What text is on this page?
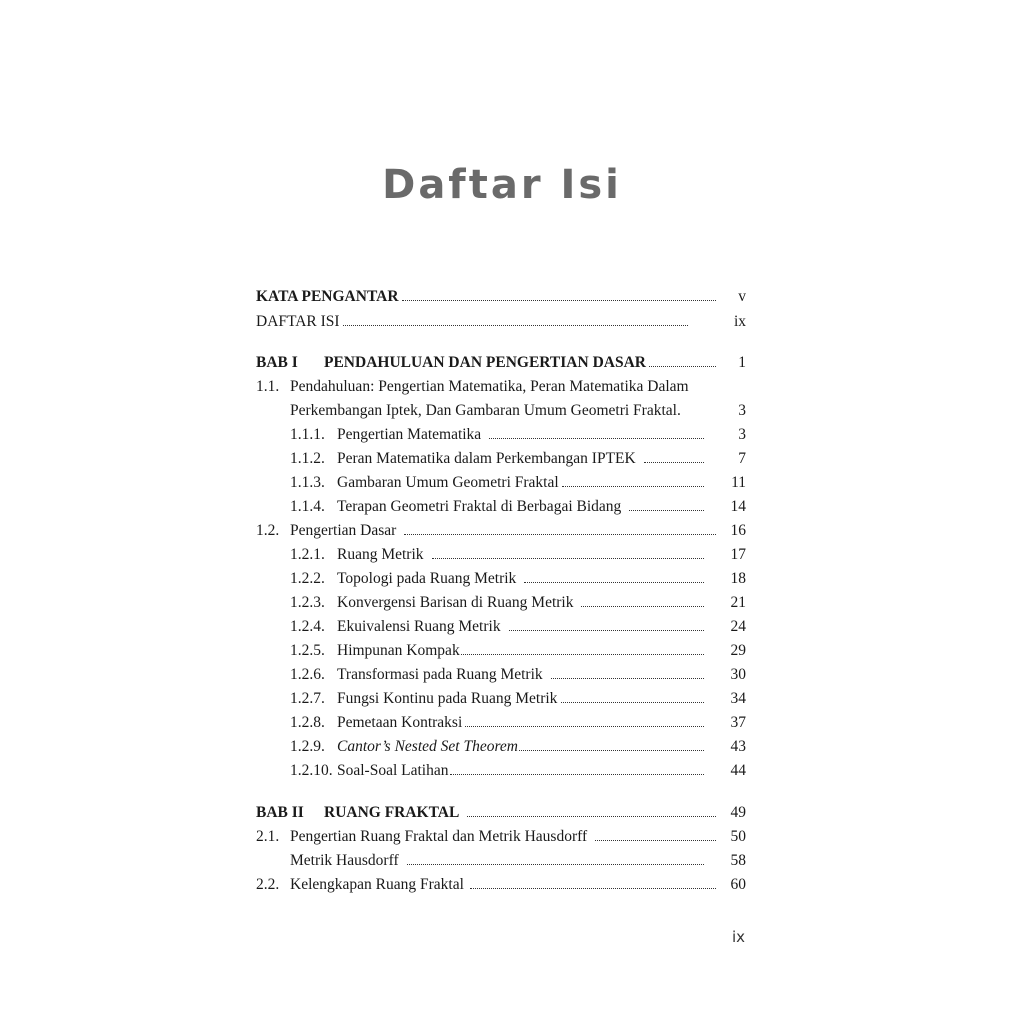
Daftar Isi
KATA PENGANTAR	v
DAFTAR ISI	ix
BAB I	PENDAHULUAN DAN PENGERTIAN DASAR	1
1.1. Pendahuluan: Pengertian Matematika, Peran Matematika Dalam
Perkembangan Iptek, Dan Gambaran Umum Geometri Fraktal.	3
1.1.1. Pengertian Matematika	3
1.1.2. Peran Matematika dalam Perkembangan IPTEK	7
1.1.3. Gambaran Umum Geometri Fraktal	11
1.1.4. Terapan Geometri Fraktal di Berbagai Bidang	14
1.2. Pengertian Dasar	16
1.2.1. Ruang Metrik	17
1.2.2. Topologi pada Ruang Metrik	18
1.2.3. Konvergensi Barisan di Ruang Metrik	21
1.2.4. Ekuivalensi Ruang Metrik	24
1.2.5. Himpunan Kompak	29
1.2.6. Transformasi pada Ruang Metrik	30
1.2.7. Fungsi Kontinu pada Ruang Metrik	34
1.2.8. Pemetaan Kontraksi	37
1.2.9. Cantor’s Nested Set Theorem	43
1.2.10. Soal-Soal Latihan	44
BAB II	RUANG FRAKTAL	49
2.1. Pengertian Ruang Fraktal dan Metrik Hausdorff	50
Metrik Hausdorff	58
2.2. Kelengkapan Ruang Fraktal	60
ix
